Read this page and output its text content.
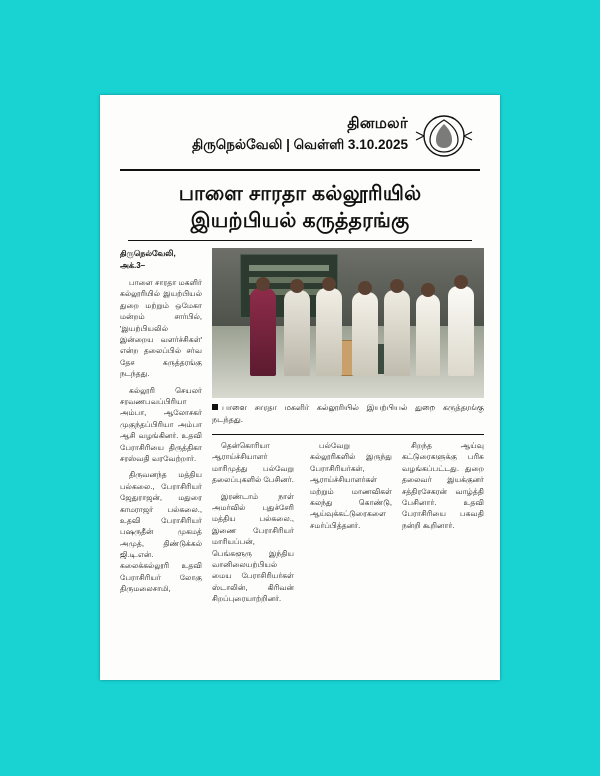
தினமலர்
திருநெல்வேலி | வெள்ளி 3.10.2025
பாளை சாரதா கல்லூரியில்
இயற்பியல் கருத்தரங்கு
பாளை சாரதா மகளிர் கல்லூரியில் இயற்பியல் துறை கருத்தரங்கு நடந்தது.

திருநெல்வேலி, அக்.3–

பாளை சாரதா மகளிர் கல்லூரியில் இயற்பியல் துறை மற்றும் ஒமேகா மன்றம் சார்பில், 'இயற்பியலில் இன்றைய வளர்ச்சிகள்' என்ற தலைப்பில் சர்வ தேச கருத்தரங்கு நடந்தது.

கல்லூரி செயலர் சரவணபவப்பிரியா அம்பா, ஆலோசகர் முகுந்தப்பிரியா அம்பா ஆசி வழங்கினர். உதவி பேராசிரியை திருத்திகா சரஸ்வதி வரவேற்றார்.

திருவனந்த மத்திய பல்கலை., பேராசிரியர் ஜேதுராஜன், மதுரை காமராஜர் பல்கலை., உதவி பேராசிரியர் பஷருதீன் முகமத் அமுத், திண்டுக்கல் ஜி.டி.என். கலைக்கல்லூரி உதவி பேராசிரியர் லோகு திருமலைசாமி,

தென்கொரியா ஆராய்ச்சியாளர் மாரிமுத்து பல்வேறு தலைப்புகளில் பேசினர்.

இரண்டாம் நாள் அமர்வில் புதுச்சேரி மத்திய பல்கலை., இணை பேராசிரியர் மாரியப்பன், பெங்களூரு இந்திய வானிலையற்பியல் மைய பேராசிரியர்கள் ஸ்டாலின், கிரிவன் சிறப்புரையாற்றினர்.

பல்வேறு கல்லூரிகளில் இருந்து பேராசிரியர்கள், ஆராய்ச்சியாளர்கள் மற்றும் மாணவிகள் கலந்து கொண்டு, ஆய்வுக்கட்டுரைகளை சமர்ப்பித்தனர்.

சிறந்த ஆய்வு கட்டுரைகளுக்கு பரிசு வழங்கப்பட்டது. துறை தலைவர் இயக்குனர் சத்திரசேகரன் வாழ்த்தி பேசினார். உதவி பேராசிரியை பகவதி நன்றி கூறினார்.
